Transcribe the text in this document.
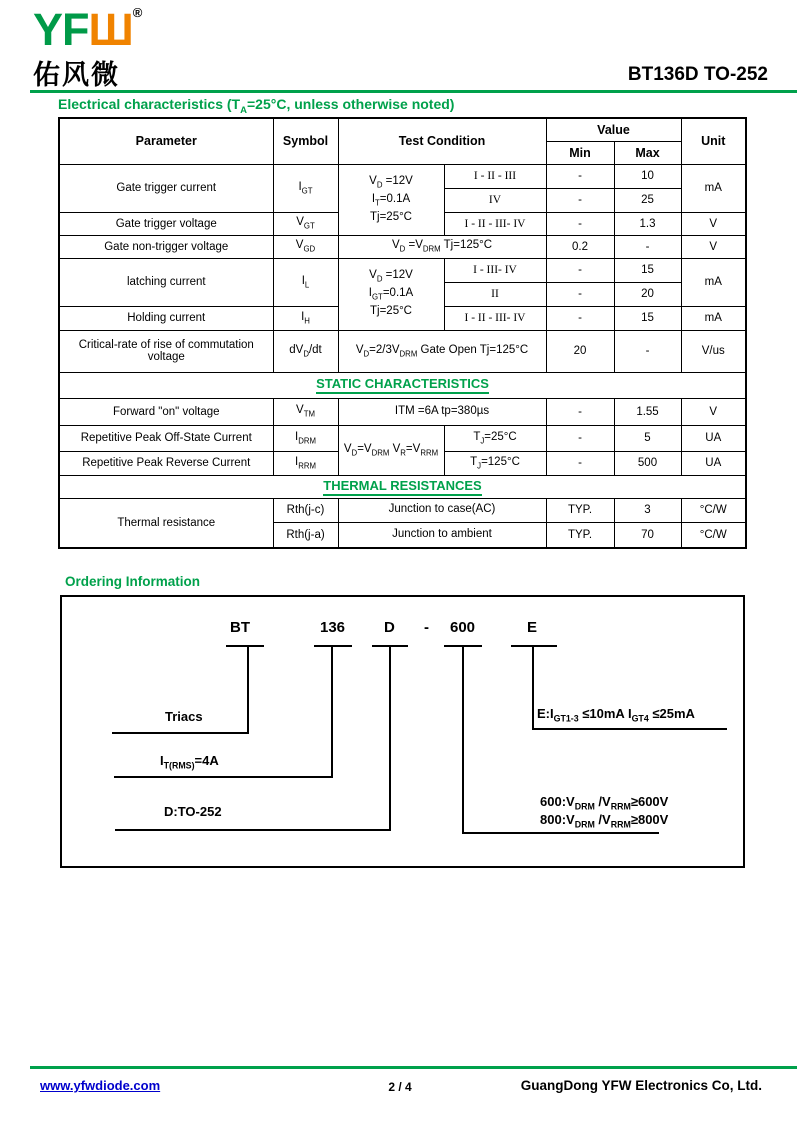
YFШ®
佑风微	BT136D TO-252
Electrical characteristics ($T_A=25^\circ C$, unless otherwise noted)
Parameter	Symbol	Test Condition		Value		Unit
				Min	Max	
Gate trigger current	$I_{GT}$	$V_D =12V$
$I_T=0.1A$
Tj=25°C	I - II - III	-	10	mA
			IV	-	25	
Gate trigger voltage	$V_{GT}$		I - II - III- IV	-	1.3	V
Gate non-trigger voltage	$V_{GD}$	$V_D =V_{DRM}$ Tj=125°C		0.2	-	V
latching current	$I_L$	$V_D =12V$
$I_{GT}=0.1A$
Tj=25°C	I - III- IV	-	15	mA
			II	-	20	
Holding current	$I_H$		I - II - III- IV	-	15	mA
Critical-rate of rise of commutation voltage	$dV_D/dt$	$V_D=2/3V_{DRM}$ Gate Open Tj=125°C		20	-	V/us
STATIC CHARACTERISTICS						
Forward "on" voltage	$V_{TM}$	ITM =6A tp=380µs		-	1.55	V
Repetitive Peak Off-State Current	$I_{DRM}$	$V_D=V_{DRM}$ $V_R=V_{RRM}$	$T_J=25^\circ C$	-	5	UA
Repetitive Peak Reverse Current	$I_{RRM}$		$T_J=125^\circ C$	-	500	UA
THERMAL RESISTANCES						
Thermal resistance	Rth(j-c)	Junction to case(AC)		TYP.	3	°C/W
	Rth(j-a)	Junction to ambient		TYP.	70	°C/W
Ordering Information
BT	136	D - 600	E
Triacs
$I_{T(RMS)}=4A$
D:TO-252
$E:I_{GT1-3} \le 10mA$ $I_{GT4} \le 25mA$
$600:V_{DRM}$ $/V_{RRM}\ge 600V$
$800:V_{DRM}$ $/V_{RRM}\ge 800V$
www.yfwdiode.com	2 / 4	GuangDong YFW Electronics Co, Ltd.
